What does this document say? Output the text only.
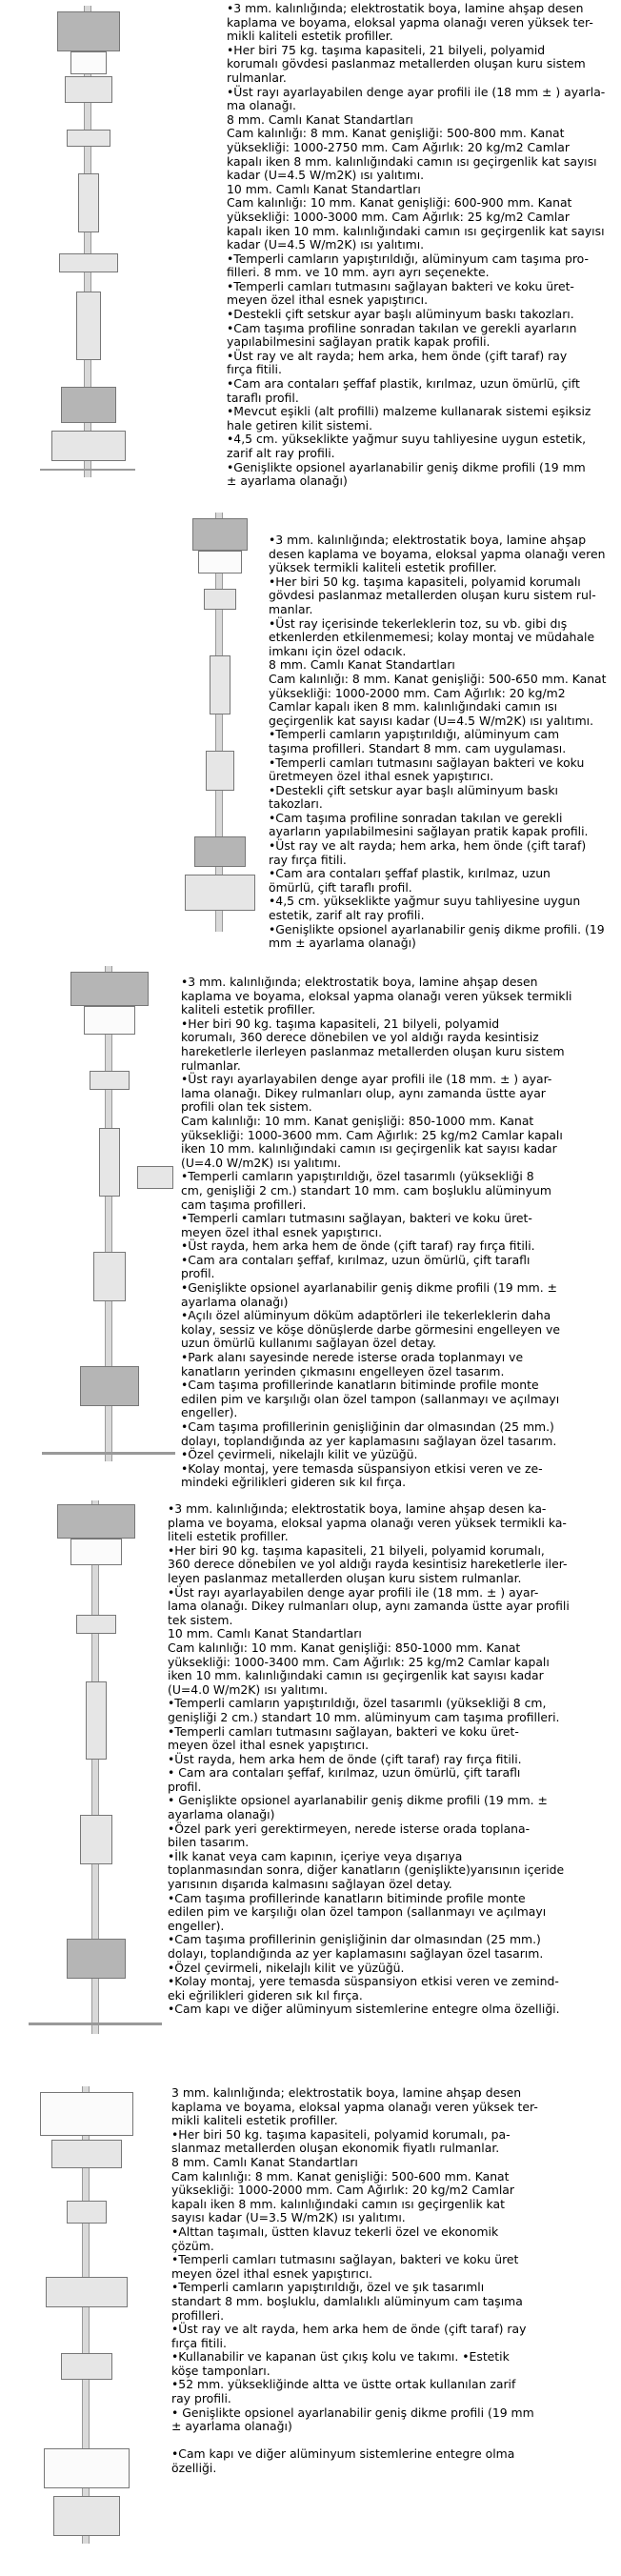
•3 mm. kalınlığında; elektrostatik boya, lamine ahşap desen
kaplama ve boyama, eloksal yapma olanağı veren yüksek ter-
mikli kaliteli estetik profiller.
•Her biri 75 kg. taşıma kapasiteli, 21 bilyeli, polyamid
korumalı gövdesi paslanmaz metallerden oluşan kuru sistem
rulmanlar.
•Üst rayı ayarlayabilen denge ayar profili ile (18 mm ± ) ayarla-
ma olanağı.
8 mm. Camlı Kanat Standartları
Cam kalınlığı: 8 mm. Kanat genişliği: 500-800 mm. Kanat
yüksekliği: 1000-2750 mm. Cam Ağırlık: 20 kg/m2 Camlar
kapalı iken 8 mm. kalınlığındaki camın ısı geçirgenlik kat sayısı
kadar (U=4.5 W/m2K) ısı yalıtımı.
10 mm. Camlı Kanat Standartları
Cam kalınlığı: 10 mm. Kanat genişliği: 600-900 mm. Kanat
yüksekliği: 1000-3000 mm. Cam Ağırlık: 25 kg/m2 Camlar
kapalı iken 10 mm. kalınlığındaki camın ısı geçirgenlik kat sayısı
kadar (U=4.5 W/m2K) ısı yalıtımı.
•Temperli camların yapıştırıldığı, alüminyum cam taşıma pro-
filleri. 8 mm. ve 10 mm. ayrı ayrı seçenekte.
•Temperli camları tutmasını sağlayan bakteri ve koku üret-
meyen özel ithal esnek yapıştırıcı.
•Destekli çift setskur ayar başlı alüminyum baskı takozları.
•Cam taşıma profiline sonradan takılan ve gerekli ayarların
yapılabilmesini sağlayan pratik kapak profili.
•Üst ray ve alt rayda; hem arka, hem önde (çift taraf) ray
fırça fitili.
•Cam ara contaları şeffaf plastik, kırılmaz, uzun ömürlü, çift
taraflı profil.
•Mevcut eşikli (alt profilli) malzeme kullanarak sistemi eşiksiz
hale getiren kilit sistemi.
•4,5 cm. yükseklikte yağmur suyu tahliyesine uygun estetik,
zarif alt ray profili.
•Genişlikte opsionel ayarlanabilir geniş dikme profili (19 mm
± ayarlama olanağı)
•3 mm. kalınlığında; elektrostatik boya, lamine ahşap
desen kaplama ve boyama, eloksal yapma olanağı veren
yüksek termikli kaliteli estetik profiller.
•Her biri 50 kg. taşıma kapasiteli, polyamid korumalı
gövdesi paslanmaz metallerden oluşan kuru sistem rul-
manlar.
•Üst ray içerisinde tekerleklerin toz, su vb. gibi dış
etkenlerden etkilenmemesi; kolay montaj ve müdahale
imkanı için özel odacık.
8 mm. Camlı Kanat Standartları
Cam kalınlığı: 8 mm. Kanat genişliği: 500-650 mm. Kanat
yüksekliği: 1000-2000 mm. Cam Ağırlık: 20 kg/m2
Camlar kapalı iken 8 mm. kalınlığındaki camın ısı
geçirgenlik kat sayısı kadar (U=4.5 W/m2K) ısı yalıtımı.
•Temperli camların yapıştırıldığı, alüminyum cam
taşıma profilleri. Standart 8 mm. cam uygulaması.
•Temperli camları tutmasını sağlayan bakteri ve koku
üretmeyen özel ithal esnek yapıştırıcı.
•Destekli çift setskur ayar başlı alüminyum baskı
takozları.
•Cam taşıma profiline sonradan takılan ve gerekli
ayarların yapılabilmesini sağlayan pratik kapak profili.
•Üst ray ve alt rayda; hem arka, hem önde (çift taraf)
ray fırça fitili.
•Cam ara contaları şeffaf plastik, kırılmaz, uzun
ömürlü, çift taraflı profil.
•4,5 cm. yükseklikte yağmur suyu tahliyesine uygun
estetik, zarif alt ray profili.
•Genişlikte opsionel ayarlanabilir geniş dikme profili. (19
mm ± ayarlama olanağı)
•3 mm. kalınlığında; elektrostatik boya, lamine ahşap desen
kaplama ve boyama, eloksal yapma olanağı veren yüksek termikli
kaliteli estetik profiller.
•Her biri 90 kg. taşıma kapasiteli, 21 bilyeli, polyamid
korumalı, 360 derece dönebilen ve yol aldığı rayda kesintisiz
hareketlerle ilerleyen paslanmaz metallerden oluşan kuru sistem
rulmanlar.
•Üst rayı ayarlayabilen denge ayar profili ile (18 mm. ± ) ayar-
lama olanağı. Dikey rulmanları olup, aynı zamanda üstte ayar
profili olan tek sistem.
Cam kalınlığı: 10 mm. Kanat genişliği: 850-1000 mm. Kanat
yüksekliği: 1000-3600 mm. Cam Ağırlık: 25 kg/m2 Camlar kapalı
iken 10 mm. kalınlığındaki camın ısı geçirgenlik kat sayısı kadar
(U=4.0 W/m2K) ısı yalıtımı.
•Temperli camların yapıştırıldığı, özel tasarımlı (yüksekliği 8
cm, genişliği 2 cm.) standart 10 mm. cam boşluklu alüminyum
cam taşıma profilleri.
•Temperli camları tutmasını sağlayan, bakteri ve koku üret-
meyen özel ithal esnek yapıştırıcı.
•Üst rayda, hem arka hem de önde (çift taraf) ray fırça fitili.
•Cam ara contaları şeffaf, kırılmaz, uzun ömürlü, çift taraflı
profil.
•Genişlikte opsionel ayarlanabilir geniş dikme profili (19 mm. ±
ayarlama olanağı)
•Açılı özel alüminyum döküm adaptörleri ile tekerleklerin daha
kolay, sessiz ve köşe dönüşlerde darbe görmesini engelleyen ve
uzun ömürlü kullanımı sağlayan özel detay.
•Park alanı sayesinde nerede isterse orada toplanmayı ve
kanatların yerinden çıkmasını engelleyen özel tasarım.
•Cam taşıma profillerinde kanatların bitiminde profile monte
edilen pim ve karşılığı olan özel tampon (sallanmayı ve açılmayı
engeller).
•Cam taşıma profillerinin genişliğinin dar olmasından (25 mm.)
dolayı, toplandığında az yer kaplamasını sağlayan özel tasarım.
•Özel çevirmeli, nikelajlı kilit ve yüzüğü.
•Kolay montaj, yere temasda süspansiyon etkisi veren ve ze-
mindeki eğrilikleri gideren sık kıl fırça.
•3 mm. kalınlığında; elektrostatik boya, lamine ahşap desen ka-
plama ve boyama, eloksal yapma olanağı veren yüksek termikli ka-
liteli estetik profiller.
•Her biri 90 kg. taşıma kapasiteli, 21 bilyeli, polyamid korumalı,
360 derece dönebilen ve yol aldığı rayda kesintisiz hareketlerle iler-
leyen paslanmaz metallerden oluşan kuru sistem rulmanlar.
•Üst rayı ayarlayabilen denge ayar profili ile (18 mm. ± ) ayar-
lama olanağı. Dikey rulmanları olup, aynı zamanda üstte ayar profili
tek sistem.
10 mm. Camlı Kanat Standartları
Cam kalınlığı: 10 mm. Kanat genişliği: 850-1000 mm. Kanat
yüksekliği: 1000-3400 mm. Cam Ağırlık: 25 kg/m2 Camlar kapalı
iken 10 mm. kalınlığındaki camın ısı geçirgenlik kat sayısı kadar
(U=4.0 W/m2K) ısı yalıtımı.
•Temperli camların yapıştırıldığı, özel tasarımlı (yüksekliği 8 cm,
genişliği 2 cm.) standart 10 mm. alüminyum cam taşıma profilleri.
•Temperli camları tutmasını sağlayan, bakteri ve koku üret-
meyen özel ithal esnek yapıştırıcı.
•Üst rayda, hem arka hem de önde (çift taraf) ray fırça fitili.
• Cam ara contaları şeffaf, kırılmaz, uzun ömürlü, çift taraflı
profil.
• Genişlikte opsionel ayarlanabilir geniş dikme profili (19 mm. ±
ayarlama olanağı)
•Özel park yeri gerektirmeyen, nerede isterse orada toplana-
bilen tasarım.
•İlk kanat veya cam kapının, içeriye veya dışarıya
toplanmasından sonra, diğer kanatların (genişlikte)yarısının içeride
yarısının dışarıda kalmasını sağlayan özel detay.
•Cam taşıma profillerinde kanatların bitiminde profile monte
edilen pim ve karşılığı olan özel tampon (sallanmayı ve açılmayı
engeller).
•Cam taşıma profillerinin genişliğinin dar olmasından (25 mm.)
dolayı, toplandığında az yer kaplamasını sağlayan özel tasarım.
•Özel çevirmeli, nikelajlı kilit ve yüzüğü.
•Kolay montaj, yere temasda süspansiyon etkisi veren ve zemind-
eki eğrilikleri gideren sık kıl fırça.
•Cam kapı ve diğer alüminyum sistemlerine entegre olma özelliği.
3 mm. kalınlığında; elektrostatik boya, lamine ahşap desen
kaplama ve boyama, eloksal yapma olanağı veren yüksek ter-
mikli kaliteli estetik profiller.
•Her biri 50 kg. taşıma kapasiteli, polyamid korumalı, pa-
slanmaz metallerden oluşan ekonomik fiyatlı rulmanlar.
8 mm. Camlı Kanat Standartları
Cam kalınlığı: 8 mm. Kanat genişliği: 500-600 mm. Kanat
yüksekliği: 1000-2000 mm. Cam Ağırlık: 20 kg/m2 Camlar
kapalı iken 8 mm. kalınlığındaki camın ısı geçirgenlik kat
sayısı kadar (U=3.5 W/m2K) ısı yalıtımı.
•Alttan taşımalı, üstten klavuz tekerli özel ve ekonomik
çözüm.
•Temperli camları tutmasını sağlayan, bakteri ve koku üret
meyen özel ithal esnek yapıştırıcı.
•Temperli camların yapıştırıldığı, özel ve şık tasarımlı
standart 8 mm. boşluklu, damlalıklı alüminyum cam taşıma
profilleri.
•Üst ray ve alt rayda, hem arka hem de önde (çift taraf) ray
fırça fitili.
•Kullanabilir ve kapanan üst çıkış kolu ve takımı. •Estetik
köşe tamponları.
•52 mm. yüksekliğinde altta ve üstte ortak kullanılan zarif
ray profili.
• Genişlikte opsionel ayarlanabilir geniş dikme profili (19 mm
± ayarlama olanağı)

•Cam kapı ve diğer alüminyum sistemlerine entegre olma
özelliği.
